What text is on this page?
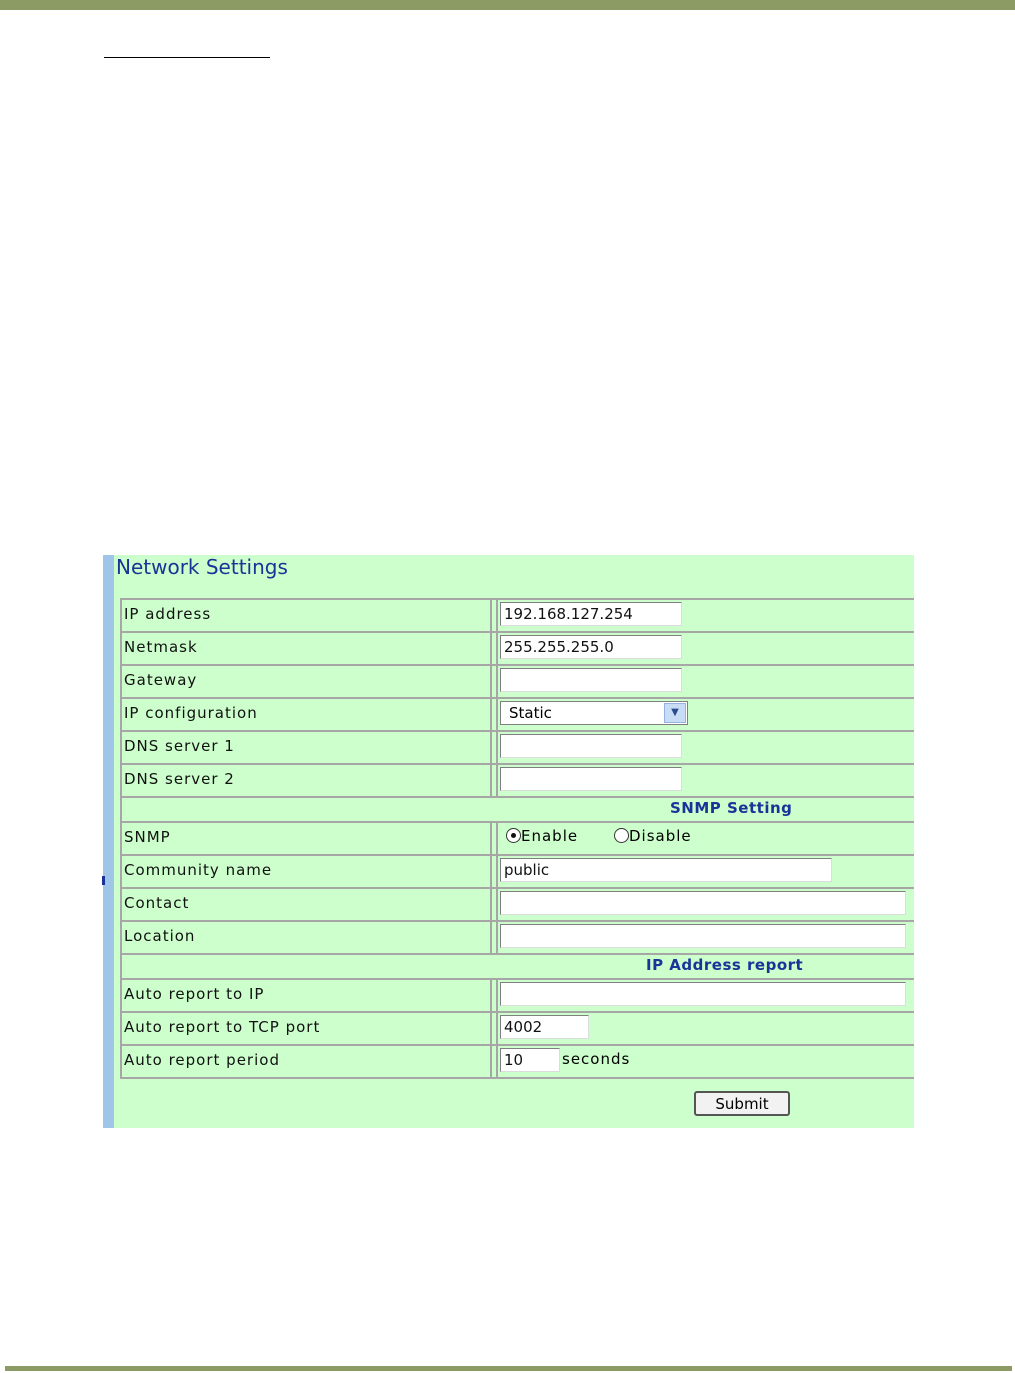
Network Settings
IP address	192.168.127.254
Netmask	255.255.255.0
Gateway
IP configuration	Static	▼
DNS server 1
DNS server 2
SNMP Setting
SNMP	Enable	Disable
Community name	public
Contact
Location
IP Address report
Auto report to IP
Auto report to TCP port	4002
Auto report period	10	seconds
Submit
